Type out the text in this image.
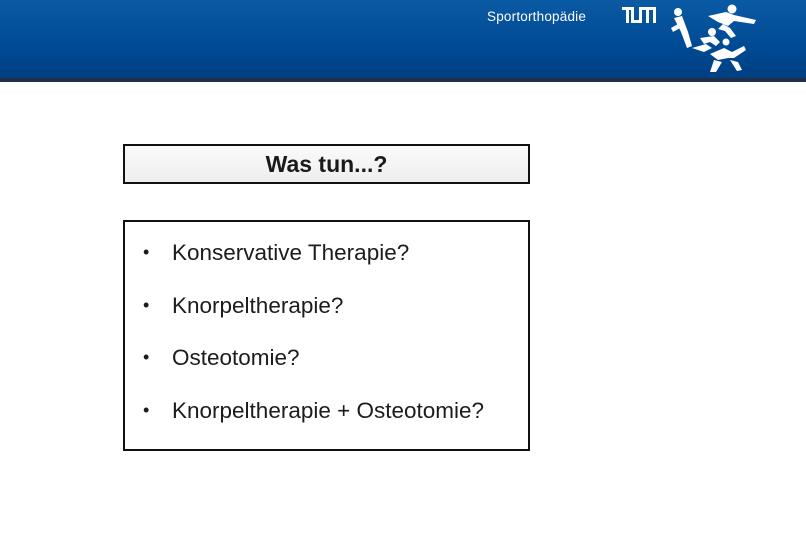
Sportorthopädie
Was tun...?
•	Konservative Therapie?
•	Knorpeltherapie?
•	Osteotomie?
•	Knorpeltherapie + Osteotomie?
